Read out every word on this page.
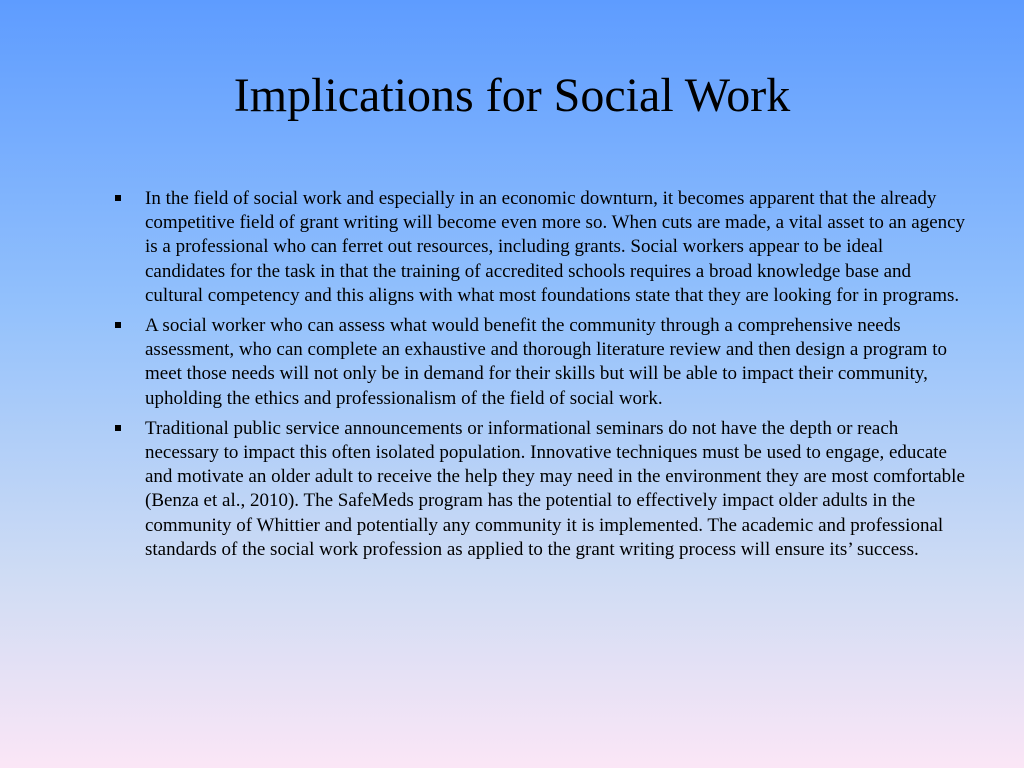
Implications for Social Work
In the field of social work and especially in an economic downturn, it becomes apparent that the already competitive field of grant writing will become even more so. When cuts are made, a vital asset to an agency is a professional who can ferret out resources, including grants. Social workers appear to be ideal candidates for the task in that the training of accredited schools requires a broad knowledge base and cultural competency and this aligns with what most foundations state that they are looking for in programs.
A social worker who can assess what would benefit the community through a comprehensive needs assessment, who can complete an exhaustive and thorough literature review and then design a program to meet those needs will not only be in demand for their skills but will be able to impact their community, upholding the ethics and professionalism of the field of social work.
Traditional public service announcements or informational seminars do not have the depth or reach necessary to impact this often isolated population. Innovative techniques must be used to engage, educate and motivate an older adult to receive the help they may need in the environment they are most comfortable (Benza et al., 2010). The SafeMeds program has the potential to effectively impact older adults in the community of Whittier and potentially any community it is implemented. The academic and professional standards of the social work profession as applied to the grant writing process will ensure its’ success.
